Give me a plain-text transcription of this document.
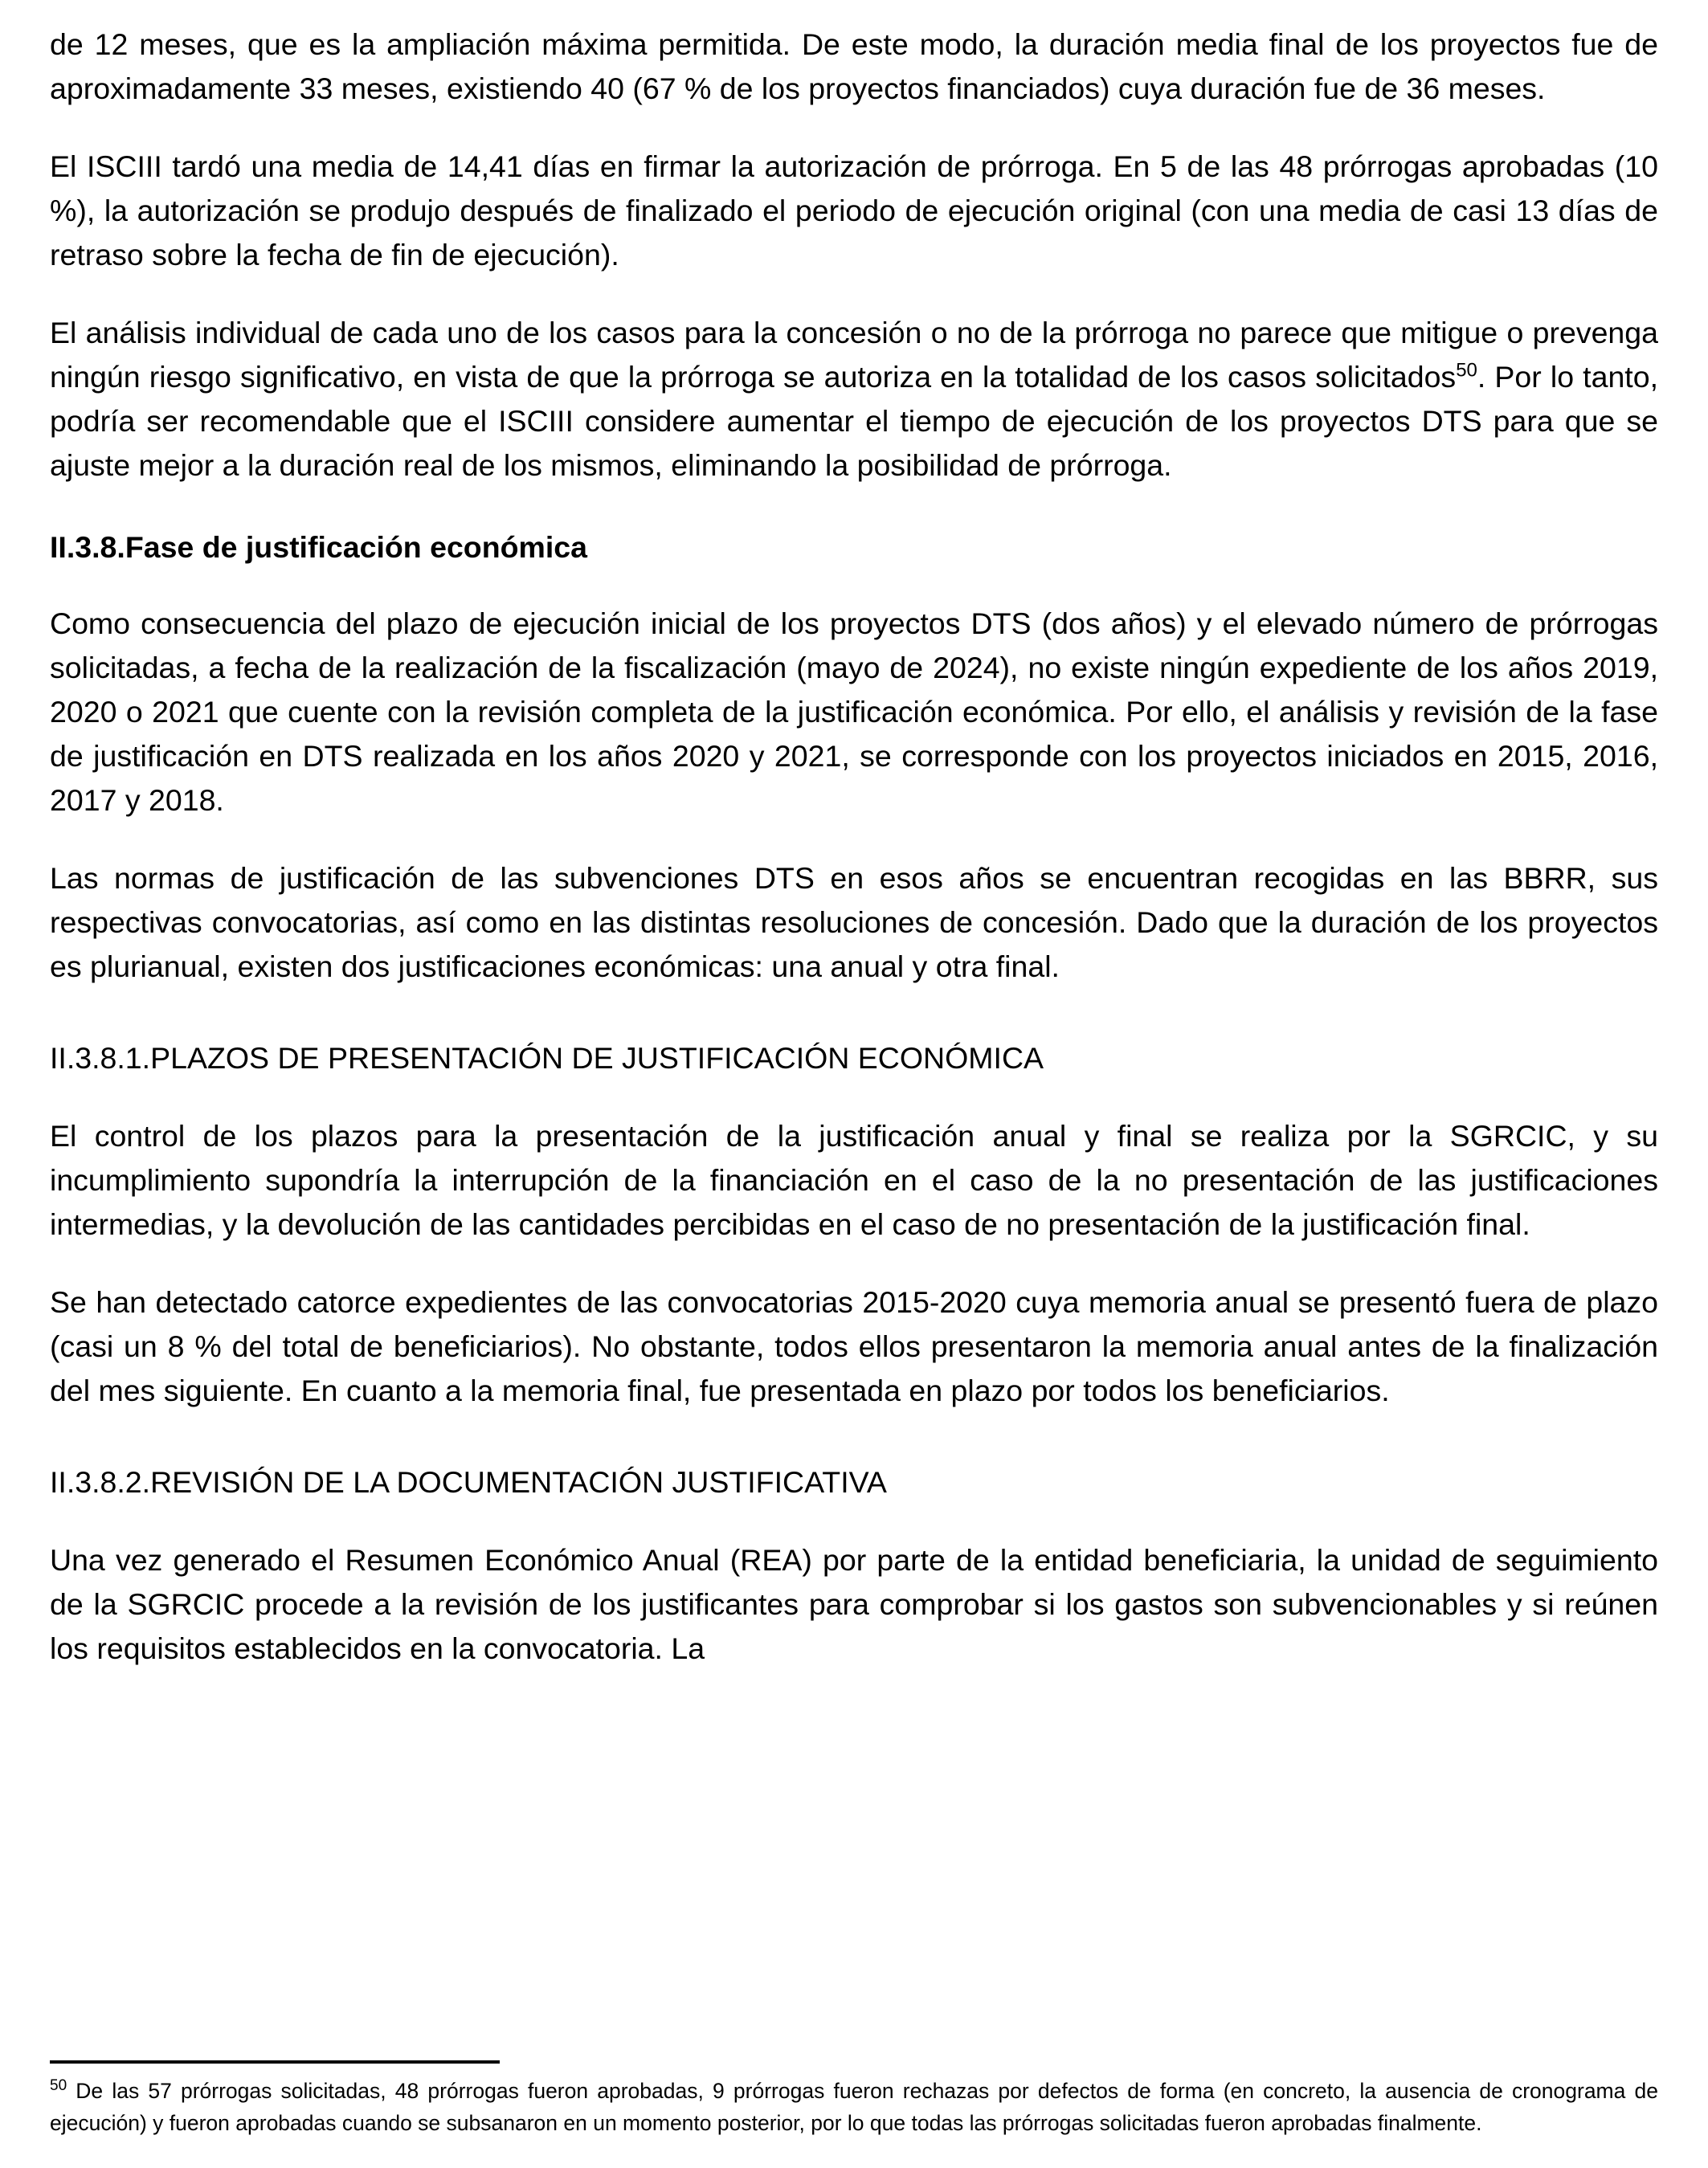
de 12 meses, que es la ampliación máxima permitida. De este modo, la duración media final de los proyectos fue de aproximadamente 33 meses, existiendo 40 (67 % de los proyectos financiados) cuya duración fue de 36 meses.

El ISCIII tardó una media de 14,41 días en firmar la autorización de prórroga. En 5 de las 48 prórrogas aprobadas (10 %), la autorización se produjo después de finalizado el periodo de ejecución original (con una media de casi 13 días de retraso sobre la fecha de fin de ejecución).

El análisis individual de cada uno de los casos para la concesión o no de la prórroga no parece que mitigue o prevenga ningún riesgo significativo, en vista de que la prórroga se autoriza en la totalidad de los casos solicitados$^{50}$. Por lo tanto, podría ser recomendable que el ISCIII considere aumentar el tiempo de ejecución de los proyectos DTS para que se ajuste mejor a la duración real de los mismos, eliminando la posibilidad de prórroga.

II.3.8.Fase de justificación económica

Como consecuencia del plazo de ejecución inicial de los proyectos DTS (dos años) y el elevado número de prórrogas solicitadas, a fecha de la realización de la fiscalización (mayo de 2024), no existe ningún expediente de los años 2019, 2020 o 2021 que cuente con la revisión completa de la justificación económica. Por ello, el análisis y revisión de la fase de justificación en DTS realizada en los años 2020 y 2021, se corresponde con los proyectos iniciados en 2015, 2016, 2017 y 2018.

Las normas de justificación de las subvenciones DTS en esos años se encuentran recogidas en las BBRR, sus respectivas convocatorias, así como en las distintas resoluciones de concesión. Dado que la duración de los proyectos es plurianual, existen dos justificaciones económicas: una anual y otra final.

II.3.8.1.PLAZOS DE PRESENTACIÓN DE JUSTIFICACIÓN ECONÓMICA

El control de los plazos para la presentación de la justificación anual y final se realiza por la SGRCIC, y su incumplimiento supondría la interrupción de la financiación en el caso de la no presentación de las justificaciones intermedias, y la devolución de las cantidades percibidas en el caso de no presentación de la justificación final.

Se han detectado catorce expedientes de las convocatorias 2015-2020 cuya memoria anual se presentó fuera de plazo (casi un 8 % del total de beneficiarios). No obstante, todos ellos presentaron la memoria anual antes de la finalización del mes siguiente. En cuanto a la memoria final, fue presentada en plazo por todos los beneficiarios.

II.3.8.2.REVISIÓN DE LA DOCUMENTACIÓN JUSTIFICATIVA

Una vez generado el Resumen Económico Anual (REA) por parte de la entidad beneficiaria, la unidad de seguimiento de la SGRCIC procede a la revisión de los justificantes para comprobar si los gastos son subvencionables y si reúnen los requisitos establecidos en la convocatoria. La

$^{50}$ De las 57 prórrogas solicitadas, 48 prórrogas fueron aprobadas, 9 prórrogas fueron rechazas por defectos de forma (en concreto, la ausencia de cronograma de ejecución) y fueron aprobadas cuando se subsanaron en un momento posterior, por lo que todas las prórrogas solicitadas fueron aprobadas finalmente.
